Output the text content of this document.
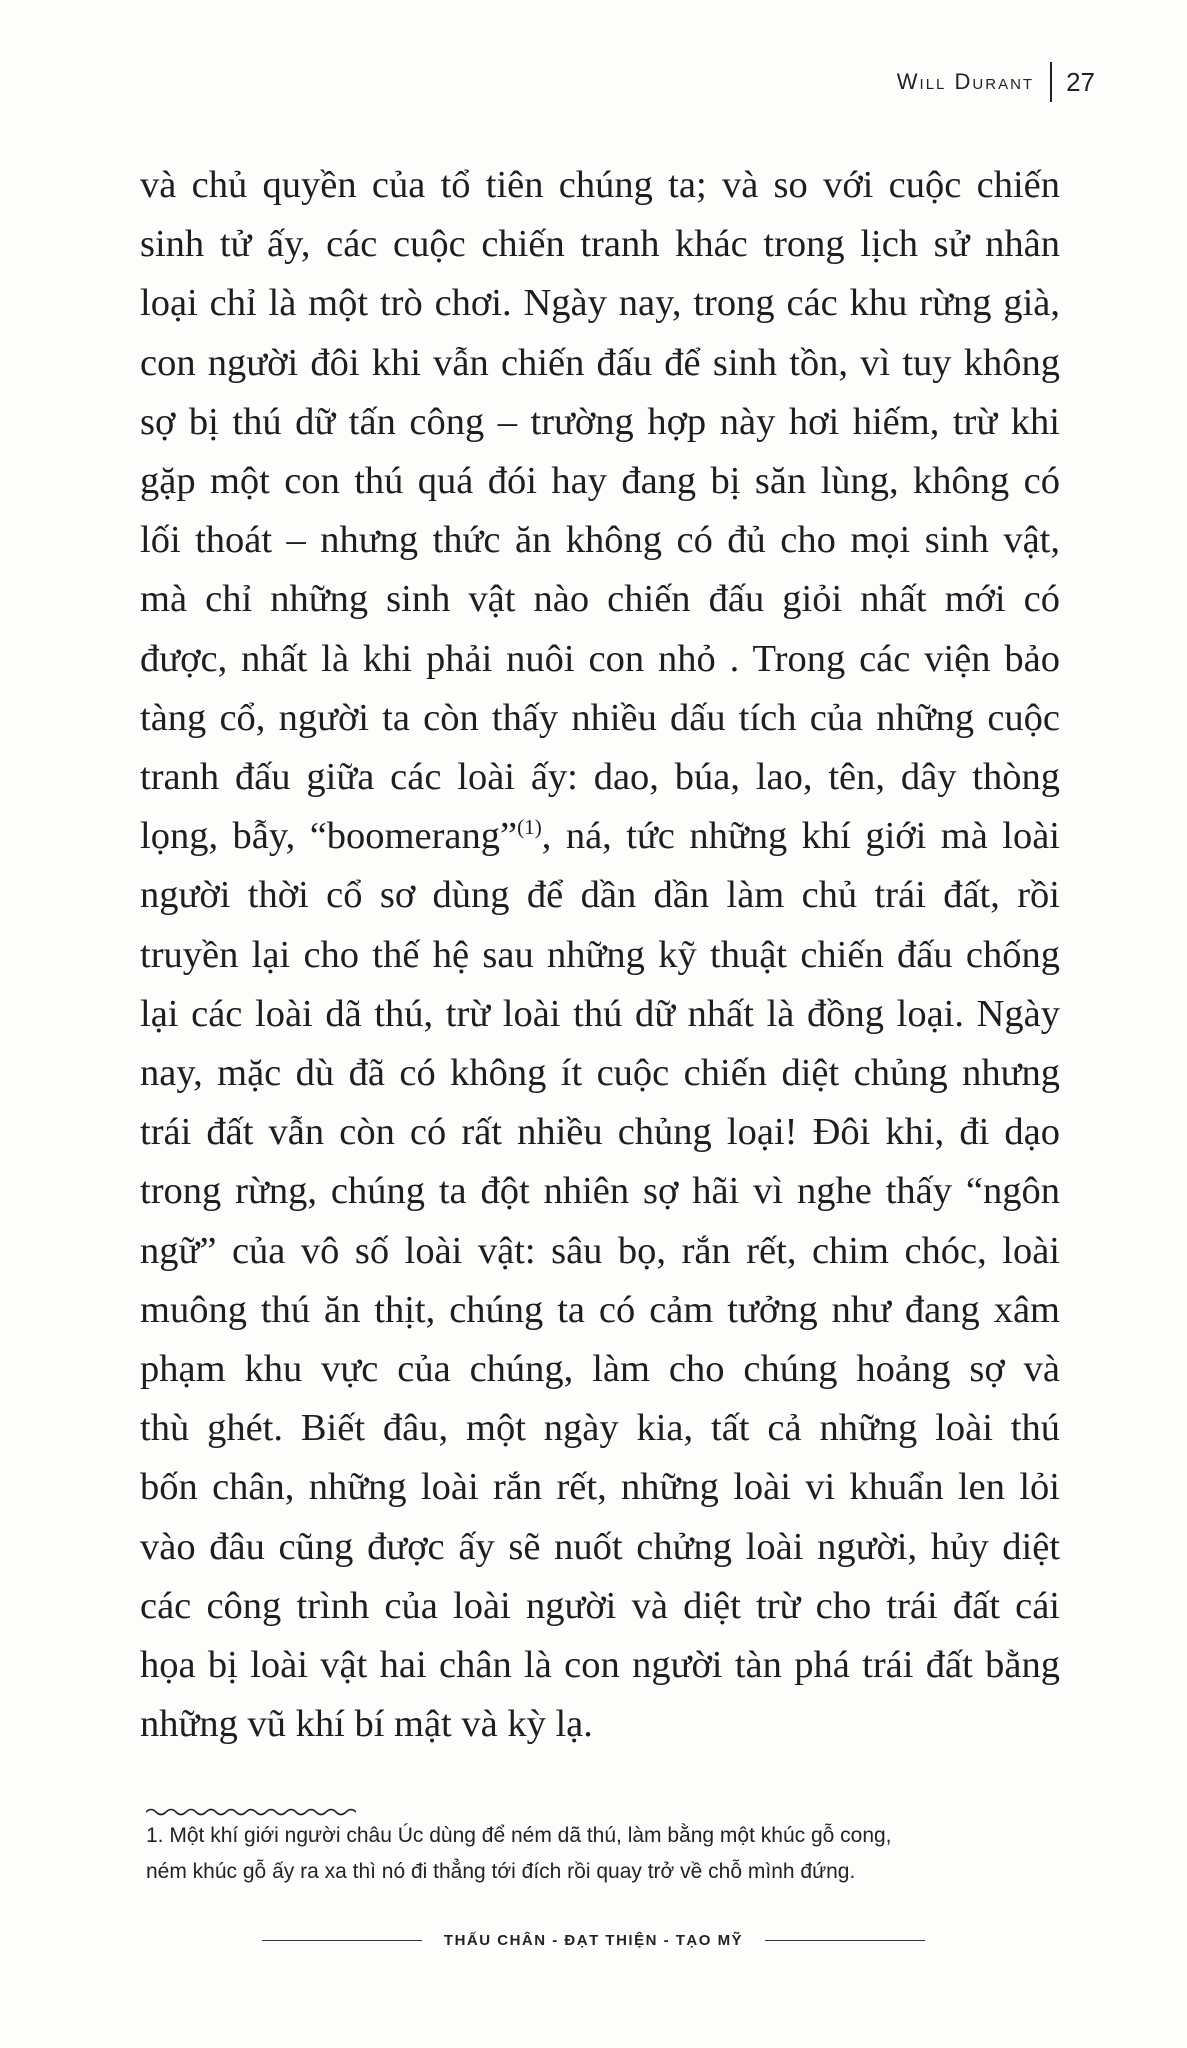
Will Durant 27
và chủ quyền của tổ tiên chúng ta; và so với cuộc chiến
sinh tử ấy, các cuộc chiến tranh khác trong lịch sử nhân
loại chỉ là một trò chơi. Ngày nay, trong các khu rừng già,
con người đôi khi vẫn chiến đấu để sinh tồn, vì tuy không
sợ bị thú dữ tấn công – trường hợp này hơi hiếm, trừ khi
gặp một con thú quá đói hay đang bị săn lùng, không có
lối thoát – nhưng thức ăn không có đủ cho mọi sinh vật,
mà chỉ những sinh vật nào chiến đấu giỏi nhất mới có
được, nhất là khi phải nuôi con nhỏ . Trong các viện bảo
tàng cổ, người ta còn thấy nhiều dấu tích của những cuộc
tranh đấu giữa các loài ấy: dao, búa, lao, tên, dây thòng
lọng, bẫy, “boomerang”$^{(1)}$, ná, tức những khí giới mà loài
người thời cổ sơ dùng để dần dần làm chủ trái đất, rồi
truyền lại cho thế hệ sau những kỹ thuật chiến đấu chống
lại các loài dã thú, trừ loài thú dữ nhất là đồng loại. Ngày
nay, mặc dù đã có không ít cuộc chiến diệt chủng nhưng
trái đất vẫn còn có rất nhiều chủng loại! Đôi khi, đi dạo
trong rừng, chúng ta đột nhiên sợ hãi vì nghe thấy “ngôn
ngữ” của vô số loài vật: sâu bọ, rắn rết, chim chóc, loài
muông thú ăn thịt, chúng ta có cảm tưởng như đang xâm
phạm khu vực của chúng, làm cho chúng hoảng sợ và
thù ghét. Biết đâu, một ngày kia, tất cả những loài thú
bốn chân, những loài rắn rết, những loài vi khuẩn len lỏi
vào đâu cũng được ấy sẽ nuốt chửng loài người, hủy diệt
các công trình của loài người và diệt trừ cho trái đất cái
họa bị loài vật hai chân là con người tàn phá trái đất bằng
những vũ khí bí mật và kỳ lạ.
1. Một khí giới người châu Úc dùng để ném dã thú, làm bằng một khúc gỗ cong,
ném khúc gỗ ấy ra xa thì nó đi thẳng tới đích rồi quay trở về chỗ mình đứng.
THẤU CHÂN - ĐẠT THIỆN - TẠO MỸ
